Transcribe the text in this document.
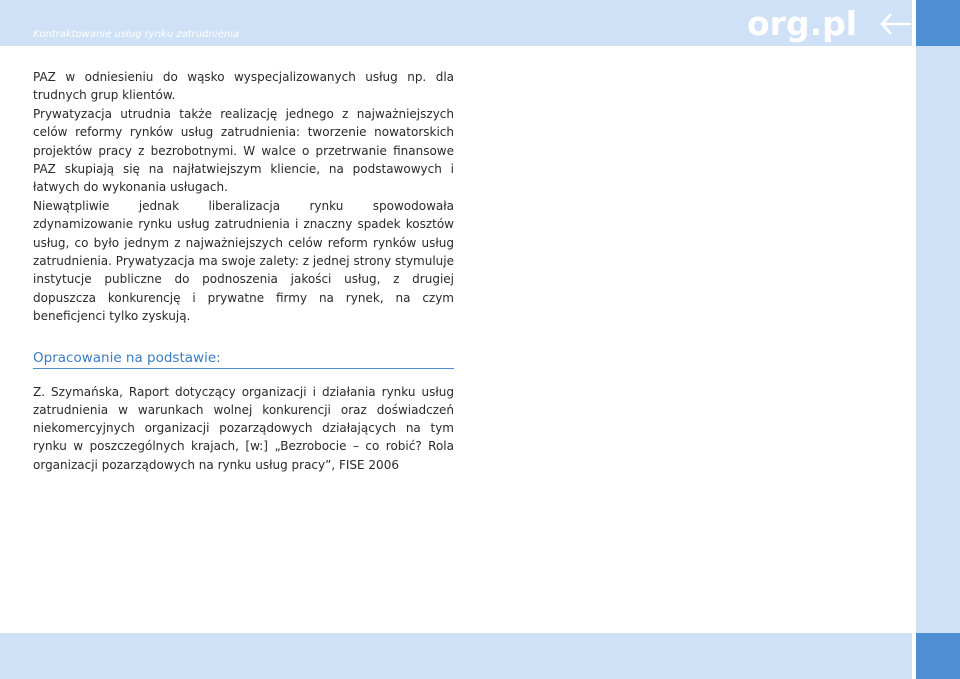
Kontraktowanie usług rynku zatrudnienia	org.pl

PAZ w odniesieniu do wąsko wyspecjalizowanych usług np. dla trudnych grup klientów.

Prywatyzacja utrudnia także realizację jednego z najważniejszych celów reformy rynków usług zatrudnienia: tworzenie nowatorskich projektów pracy z bezrobotnymi. W walce o przetrwanie finansowe PAZ skupiają się na najłatwiejszym kliencie, na podstawowych i łatwych do wykonania usługach.

Niewątpliwie jednak liberalizacja rynku spowodowała zdynamizowanie rynku usług zatrudnienia i znaczny spadek kosztów usług, co było jednym z najważniejszych celów reform rynków usług zatrudnienia. Prywatyzacja ma swoje zalety: z jednej strony stymuluje instytucje publiczne do podnoszenia jakości usług, z drugiej dopuszcza konkurencję i prywatne firmy na rynek, na czym beneficjenci tylko zyskują.

Opracowanie na podstawie:
Z. Szymańska, Raport dotyczący organizacji i działania rynku usług zatrudnienia w warunkach wolnej konkurencji oraz doświadczeń niekomercyjnych organizacji pozarządowych działających na tym rynku w poszczególnych krajach, [w:] „Bezrobocie – co robić? Rola organizacji pozarządowych na rynku usług pracy”, FISE 2006
